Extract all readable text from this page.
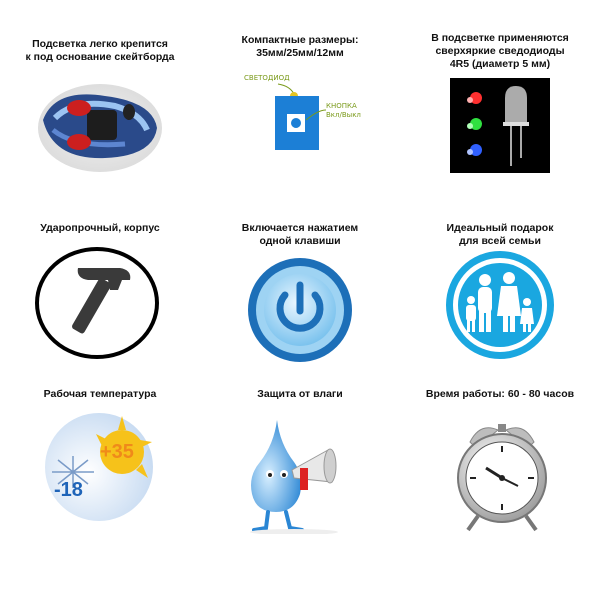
Подсветка легко крепится
к под основание скейтборда
Компактные размеры:
35мм/25мм/12мм
СВЕТОДИОД
КНОПКА
Вкл/Выкл
В подсветке применяются
сверхяркие сведодиоды
4R5 (диаметр 5 мм)
Ударопрочный, корпус	Включается нажатием
одной клавиши
Идеальный подарок
для всей семьи
Рабочая температура
+35
-18
Защита от влаги	Время работы: 60 - 80 часов
